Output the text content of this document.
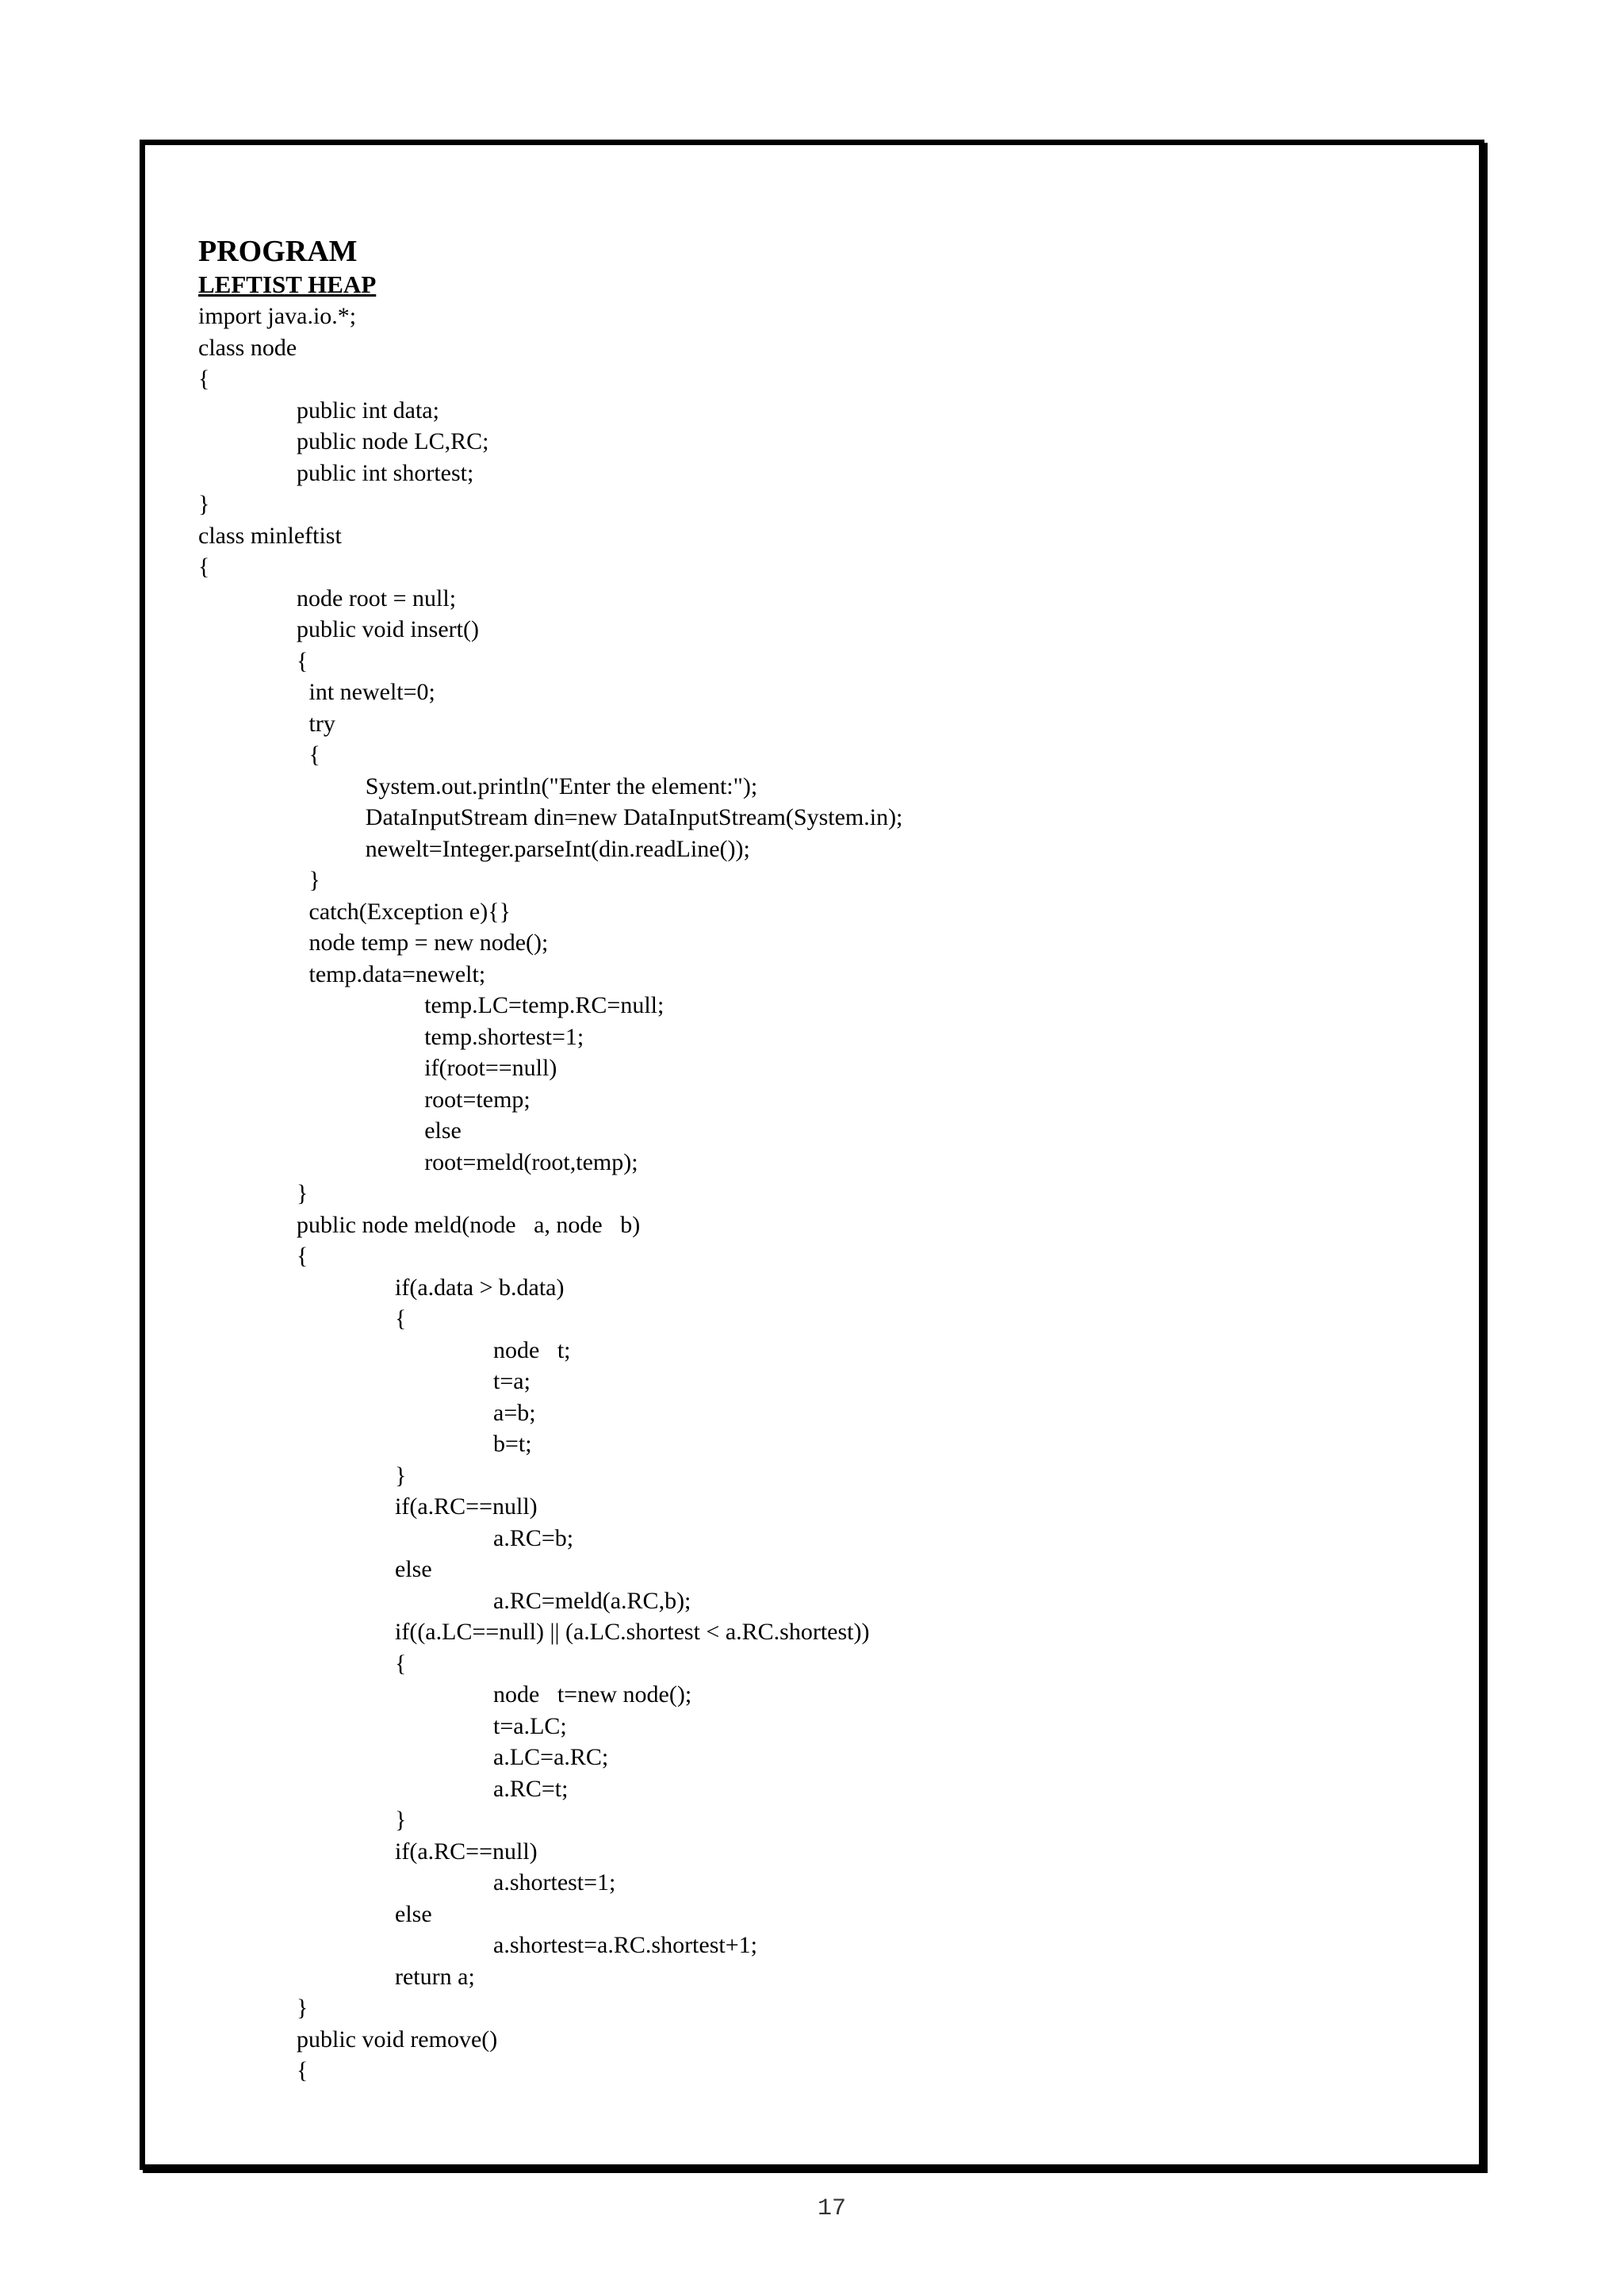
PROGRAM
LEFTIST HEAP
import java.io.*;
class node
{
public int data;
public node LC,RC;
public int shortest;
}
class minleftist
{
node root = null;
public void insert()
{
int newelt=0;
try
{
System.out.println("Enter the element:");
DataInputStream din=new DataInputStream(System.in);
newelt=Integer.parseInt(din.readLine());
}
catch(Exception e){}
node temp = new node();
temp.data=newelt;
temp.LC=temp.RC=null;
temp.shortest=1;
if(root==null)
root=temp;
else
root=meld(root,temp);
}
public node meld(node   a, node   b)
{
if(a.data > b.data)
{
node   t;
t=a;
a=b;
b=t;
}
if(a.RC==null)
a.RC=b;
else
a.RC=meld(a.RC,b);
if((a.LC==null) || (a.LC.shortest < a.RC.shortest))
{
node   t=new node();
t=a.LC;
a.LC=a.RC;
a.RC=t;
}
if(a.RC==null)
a.shortest=1;
else
a.shortest=a.RC.shortest+1;
return a;
}
public void remove()
{
17
